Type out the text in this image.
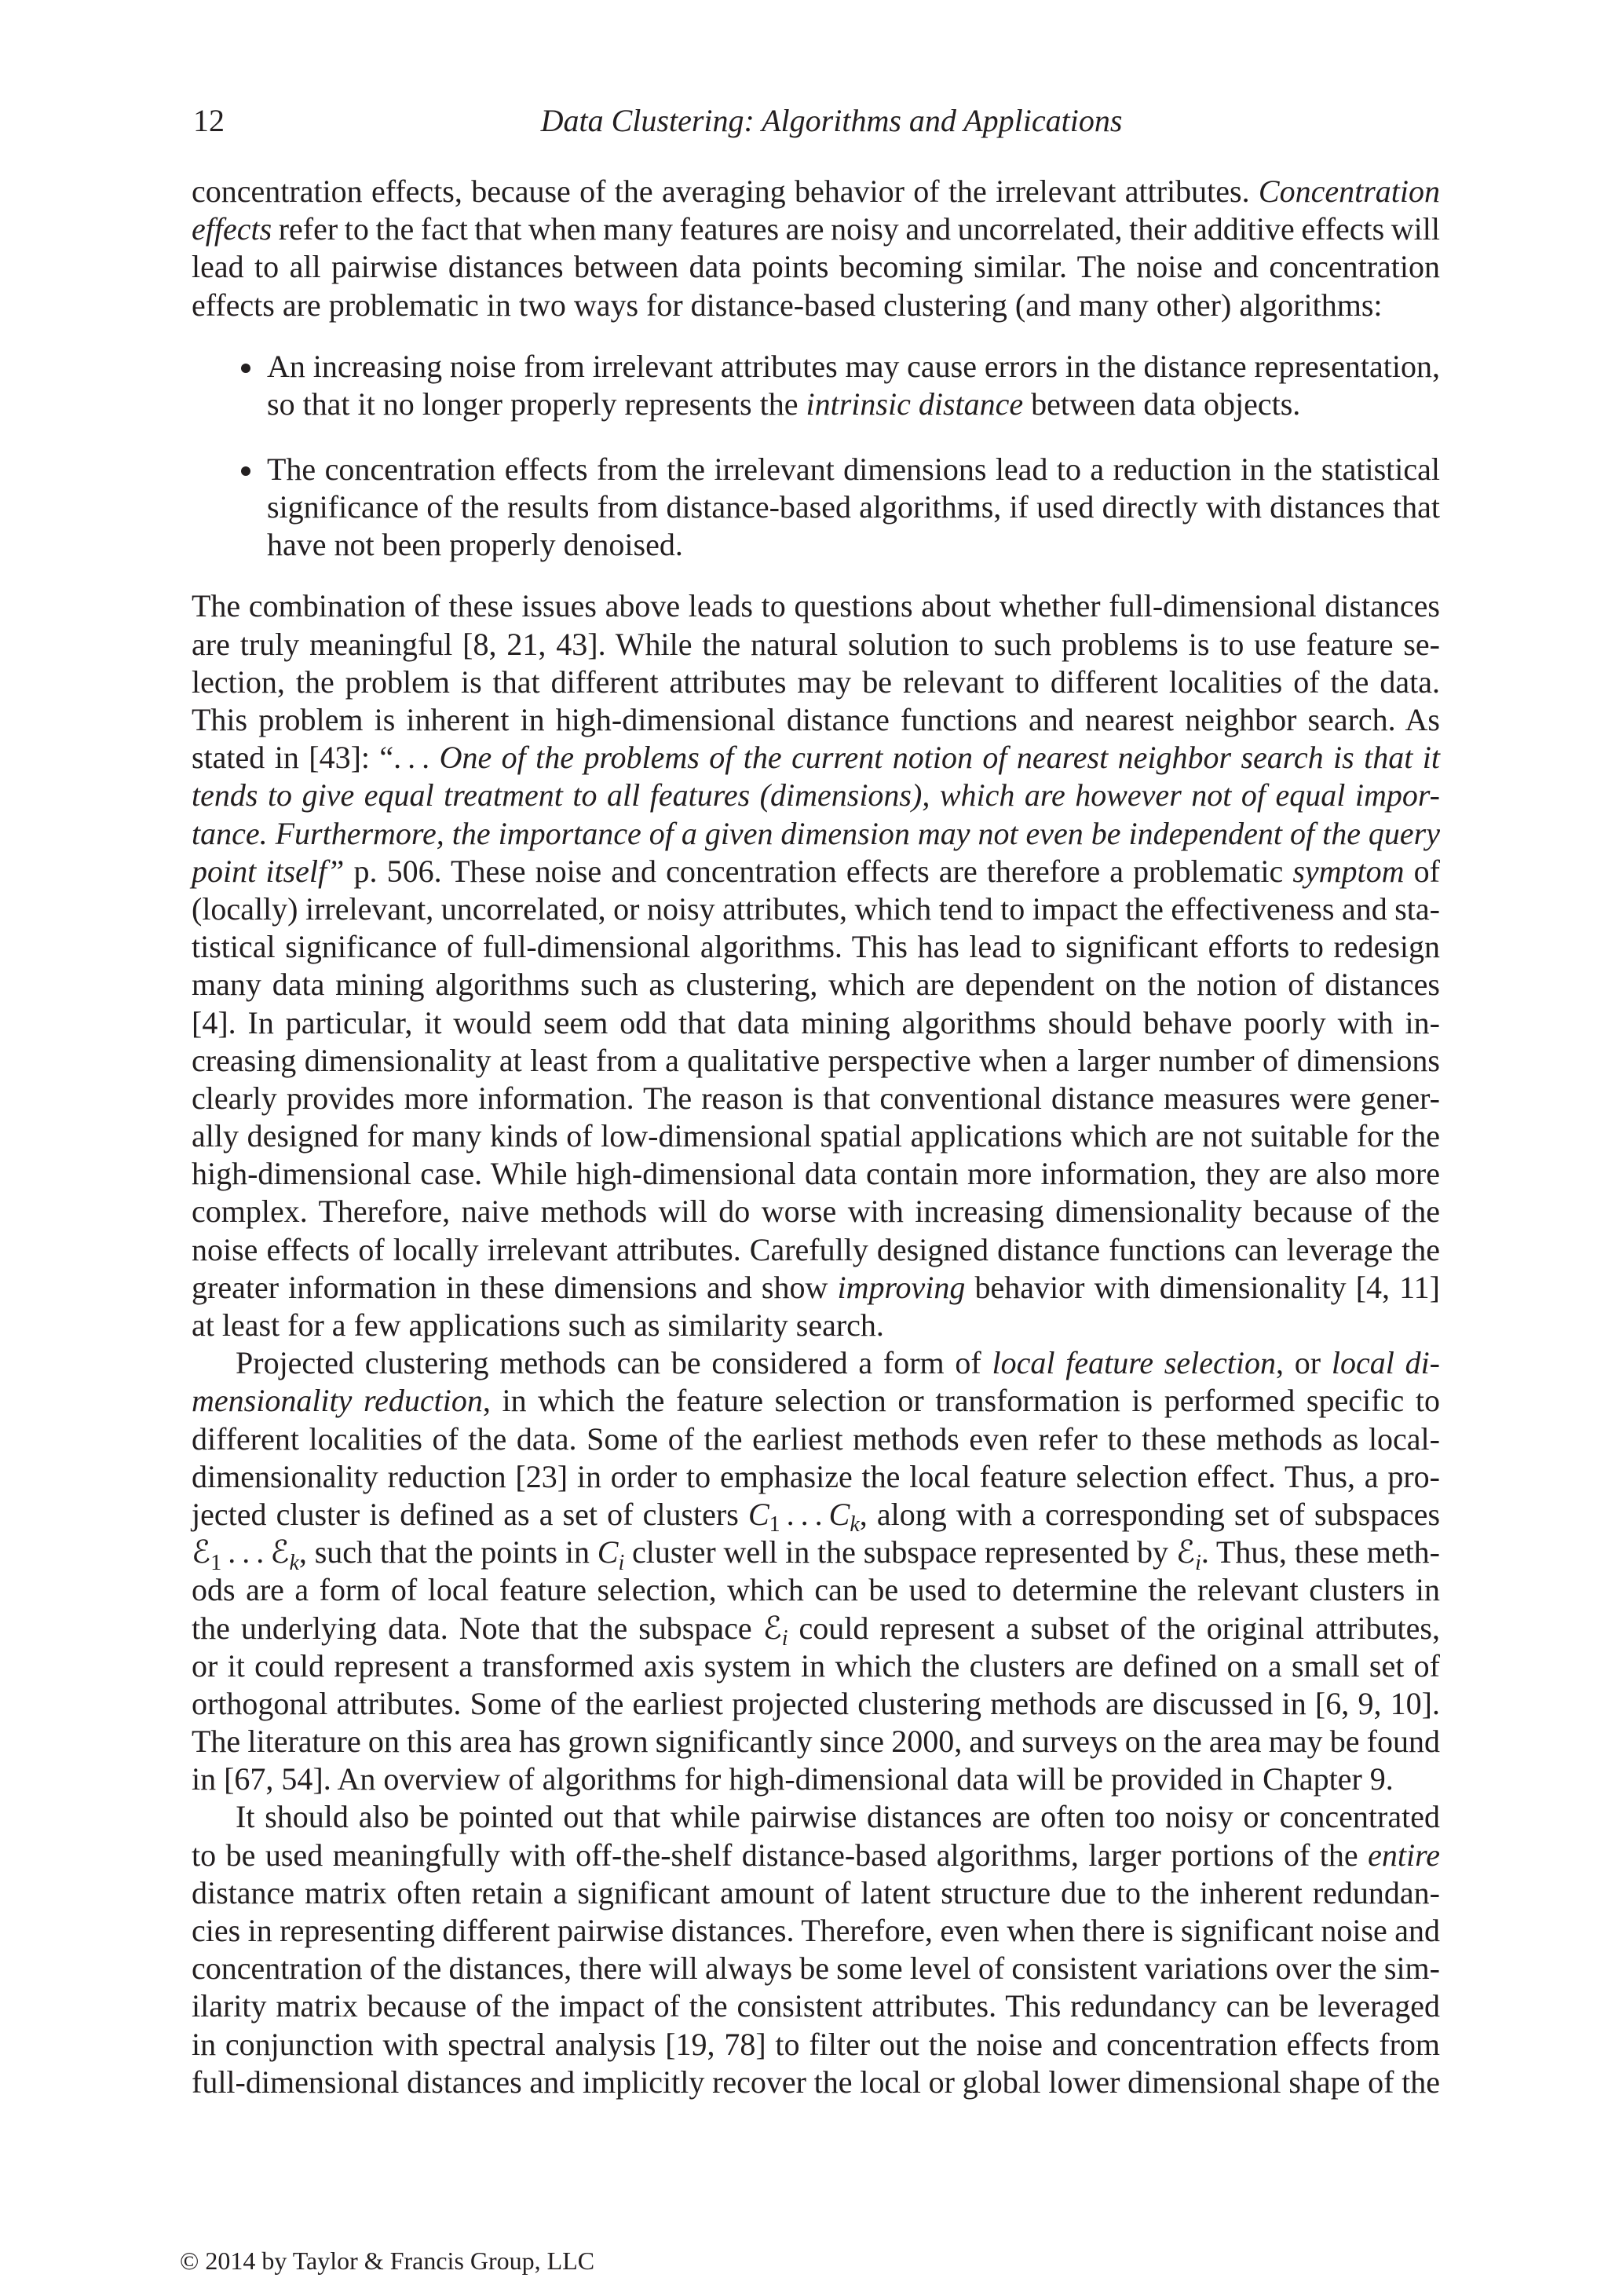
12	Data Clustering: Algorithms and Applications
concentration effects, because of the averaging behavior of the irrelevant attributes. Concentration
effects refer to the fact that when many features are noisy and uncorrelated, their additive effects will
lead to all pairwise distances between data points becoming similar. The noise and concentration
effects are problematic in two ways for distance-based clustering (and many other) algorithms:
An increasing noise from irrelevant attributes may cause errors in the distance representation,
so that it no longer properly represents the intrinsic distance between data objects.
The concentration effects from the irrelevant dimensions lead to a reduction in the statistical
significance of the results from distance-based algorithms, if used directly with distances that
have not been properly denoised.
The combination of these issues above leads to questions about whether full-dimensional distances
are truly meaningful [8, 21, 43]. While the natural solution to such problems is to use feature se-
lection, the problem is that different attributes may be relevant to different localities of the data.
This problem is inherent in high-dimensional distance functions and nearest neighbor search. As
stated in [43]: “. . . One of the problems of the current notion of nearest neighbor search is that it
tends to give equal treatment to all features (dimensions), which are however not of equal impor-
tance. Furthermore, the importance of a given dimension may not even be independent of the query
point itself” p. 506. These noise and concentration effects are therefore a problematic symptom of
(locally) irrelevant, uncorrelated, or noisy attributes, which tend to impact the effectiveness and sta-
tistical significance of full-dimensional algorithms. This has lead to significant efforts to redesign
many data mining algorithms such as clustering, which are dependent on the notion of distances
[4]. In particular, it would seem odd that data mining algorithms should behave poorly with in-
creasing dimensionality at least from a qualitative perspective when a larger number of dimensions
clearly provides more information. The reason is that conventional distance measures were gener-
ally designed for many kinds of low-dimensional spatial applications which are not suitable for the
high-dimensional case. While high-dimensional data contain more information, they are also more
complex. Therefore, naive methods will do worse with increasing dimensionality because of the
noise effects of locally irrelevant attributes. Carefully designed distance functions can leverage the
greater information in these dimensions and show improving behavior with dimensionality [4, 11]
at least for a few applications such as similarity search.
Projected clustering methods can be considered a form of local feature selection, or local di-
mensionality reduction, in which the feature selection or transformation is performed specific to
different localities of the data. Some of the earliest methods even refer to these methods as local-
dimensionality reduction [23] in order to emphasize the local feature selection effect. Thus, a pro-
jected cluster is defined as a set of clusters $C_1$ . . . $C_k$, along with a corresponding set of subspaces
ℰ$_1$ . . . ℰ$_k$, such that the points in $C_i$ cluster well in the subspace represented by ℰ$_i$. Thus, these meth-
ods are a form of local feature selection, which can be used to determine the relevant clusters in
the underlying data. Note that the subspace ℰ$_i$ could represent a subset of the original attributes,
or it could represent a transformed axis system in which the clusters are defined on a small set of
orthogonal attributes. Some of the earliest projected clustering methods are discussed in [6, 9, 10].
The literature on this area has grown significantly since 2000, and surveys on the area may be found
in [67, 54]. An overview of algorithms for high-dimensional data will be provided in Chapter 9.
It should also be pointed out that while pairwise distances are often too noisy or concentrated
to be used meaningfully with off-the-shelf distance-based algorithms, larger portions of the entire
distance matrix often retain a significant amount of latent structure due to the inherent redundan-
cies in representing different pairwise distances. Therefore, even when there is significant noise and
concentration of the distances, there will always be some level of consistent variations over the sim-
ilarity matrix because of the impact of the consistent attributes. This redundancy can be leveraged
in conjunction with spectral analysis [19, 78] to filter out the noise and concentration effects from
full-dimensional distances and implicitly recover the local or global lower dimensional shape of the
© 2014 by Taylor & Francis Group, LLC
